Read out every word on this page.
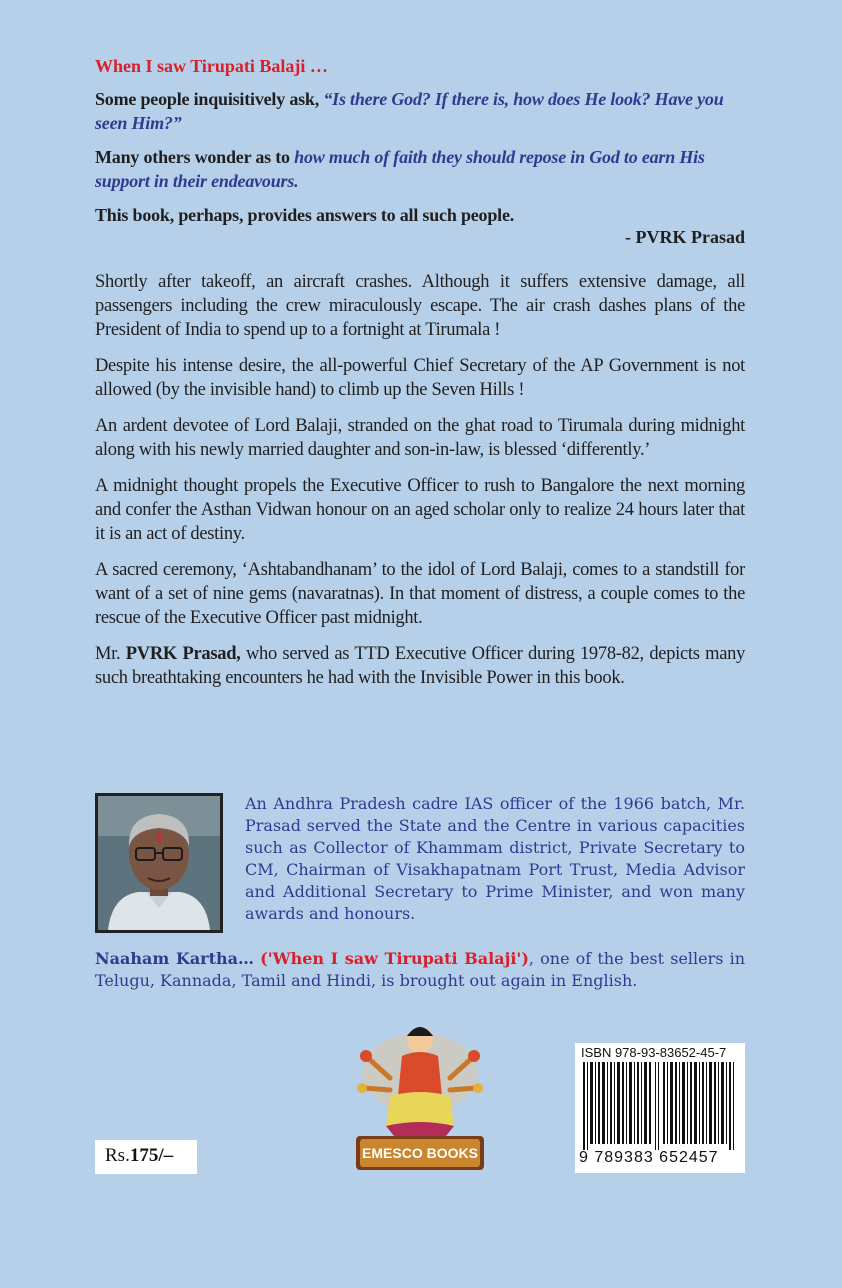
When I saw Tirupati Balaji …

Some people inquisitively ask, “Is there God? If there is, how does He look? Have you seen Him?”

Many others wonder as to how much of faith they should repose in God to earn His support in their endeavours.

This book, perhaps, provides answers to all such people.

- PVRK Prasad

Shortly after takeoff, an aircraft crashes. Although it suffers extensive damage, all passengers including the crew miraculously escape. The air crash dashes plans of the President of India to spend up to a fortnight at Tirumala !

Despite his intense desire, the all-powerful Chief Secretary of the AP Government is not allowed (by the invisible hand) to climb up the Seven Hills !

An ardent devotee of Lord Balaji, stranded on the ghat road to Tirumala during midnight along with his newly married daughter and son-in-law, is blessed ‘differently.’

A midnight thought propels the Executive Officer to rush to Bangalore the next morning and confer the Asthan Vidwan honour on an aged scholar only to realize 24 hours later that it is an act of destiny.

A sacred ceremony, ‘Ashtabandhanam’ to the idol of Lord Balaji, comes to a standstill for want of a set of nine gems (navaratnas). In that moment of distress, a couple comes to the rescue of the Executive Officer past midnight.

Mr. PVRK Prasad, who served as TTD Executive Officer during 1978-82, depicts many such breathtaking encounters he had with the Invisible Power in this book.

An Andhra Pradesh cadre IAS officer of the 1966 batch, Mr. Prasad served the State and the Centre in various capacities such as Collector of Khammam district, Private Secretary to CM, Chairman of Visakhapatnam Port Trust, Media Advisor and Additional Secretary to Prime Minister, and won many awards and honours.
Naaham Kartha… ('When I saw Tirupati Balaji'), one of the best sellers in Telugu, Kannada, Tamil and Hindi, is brought out again in English.
EMESCO BOOKS
ISBN 978-93-83652-45-7
9 789383 652457
Rs.175/–
